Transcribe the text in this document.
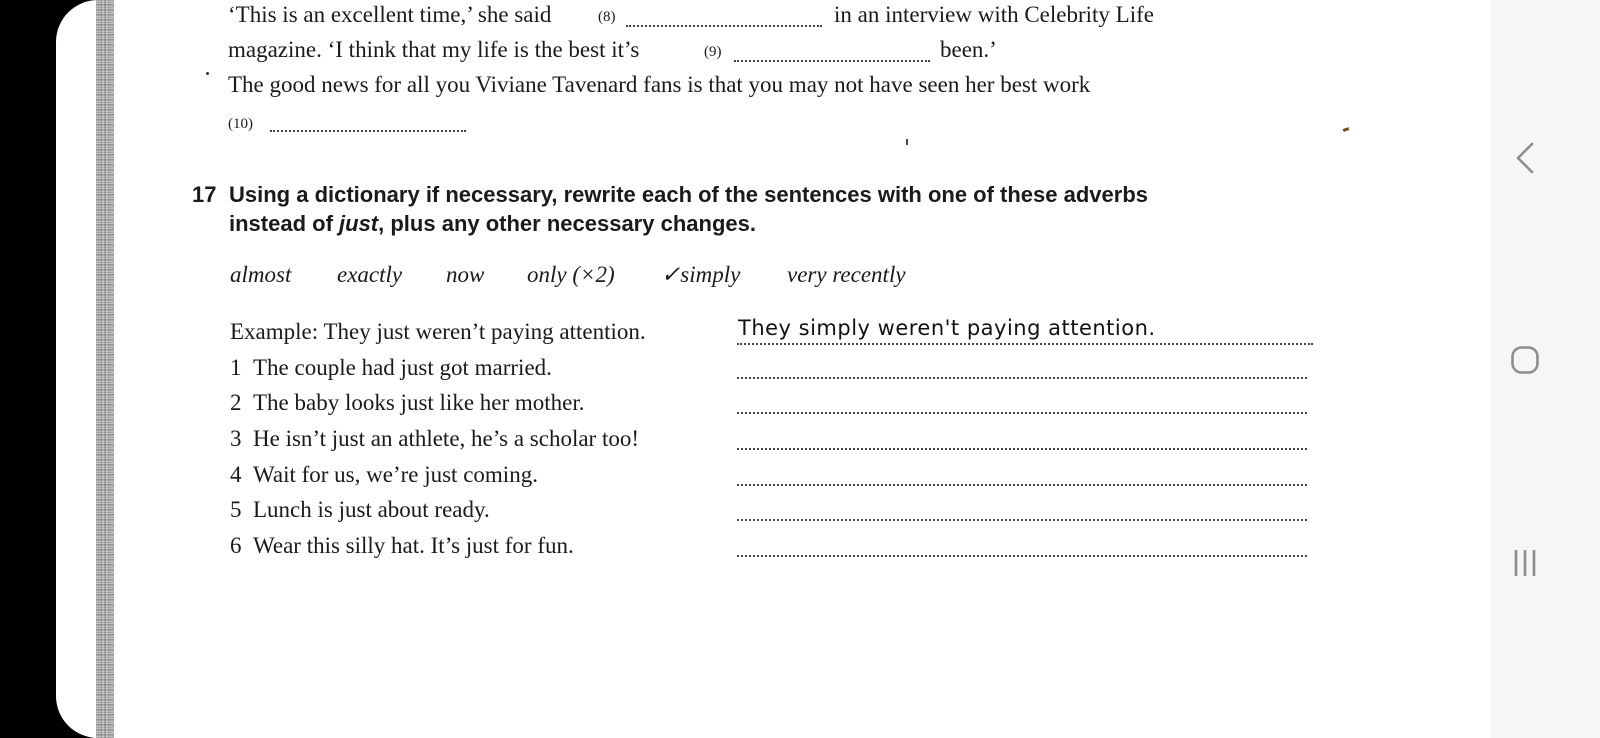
‘This is an excellent time,’ she said	(8)	in an interview with Celebrity Life
magazine. ‘I think that my life is the best it’s	(9)	been.’
The good news for all you Viviane Tavenard fans is that you may not have seen her best work
(10)
17 Using a dictionary if necessary, rewrite each of the sentences with one of these adverbs
instead of just, plus any other necessary changes.
almost exactly now only (×2) ✓simply very recently
Example: They just weren’t paying attention.	They simply weren't paying attention.
1 The couple had just got married.
2 The baby looks just like her mother.
3 He isn’t just an athlete, he’s a scholar too!
4 Wait for us, we’re just coming.
5 Lunch is just about ready.
6 Wear this silly hat. It’s just for fun.
